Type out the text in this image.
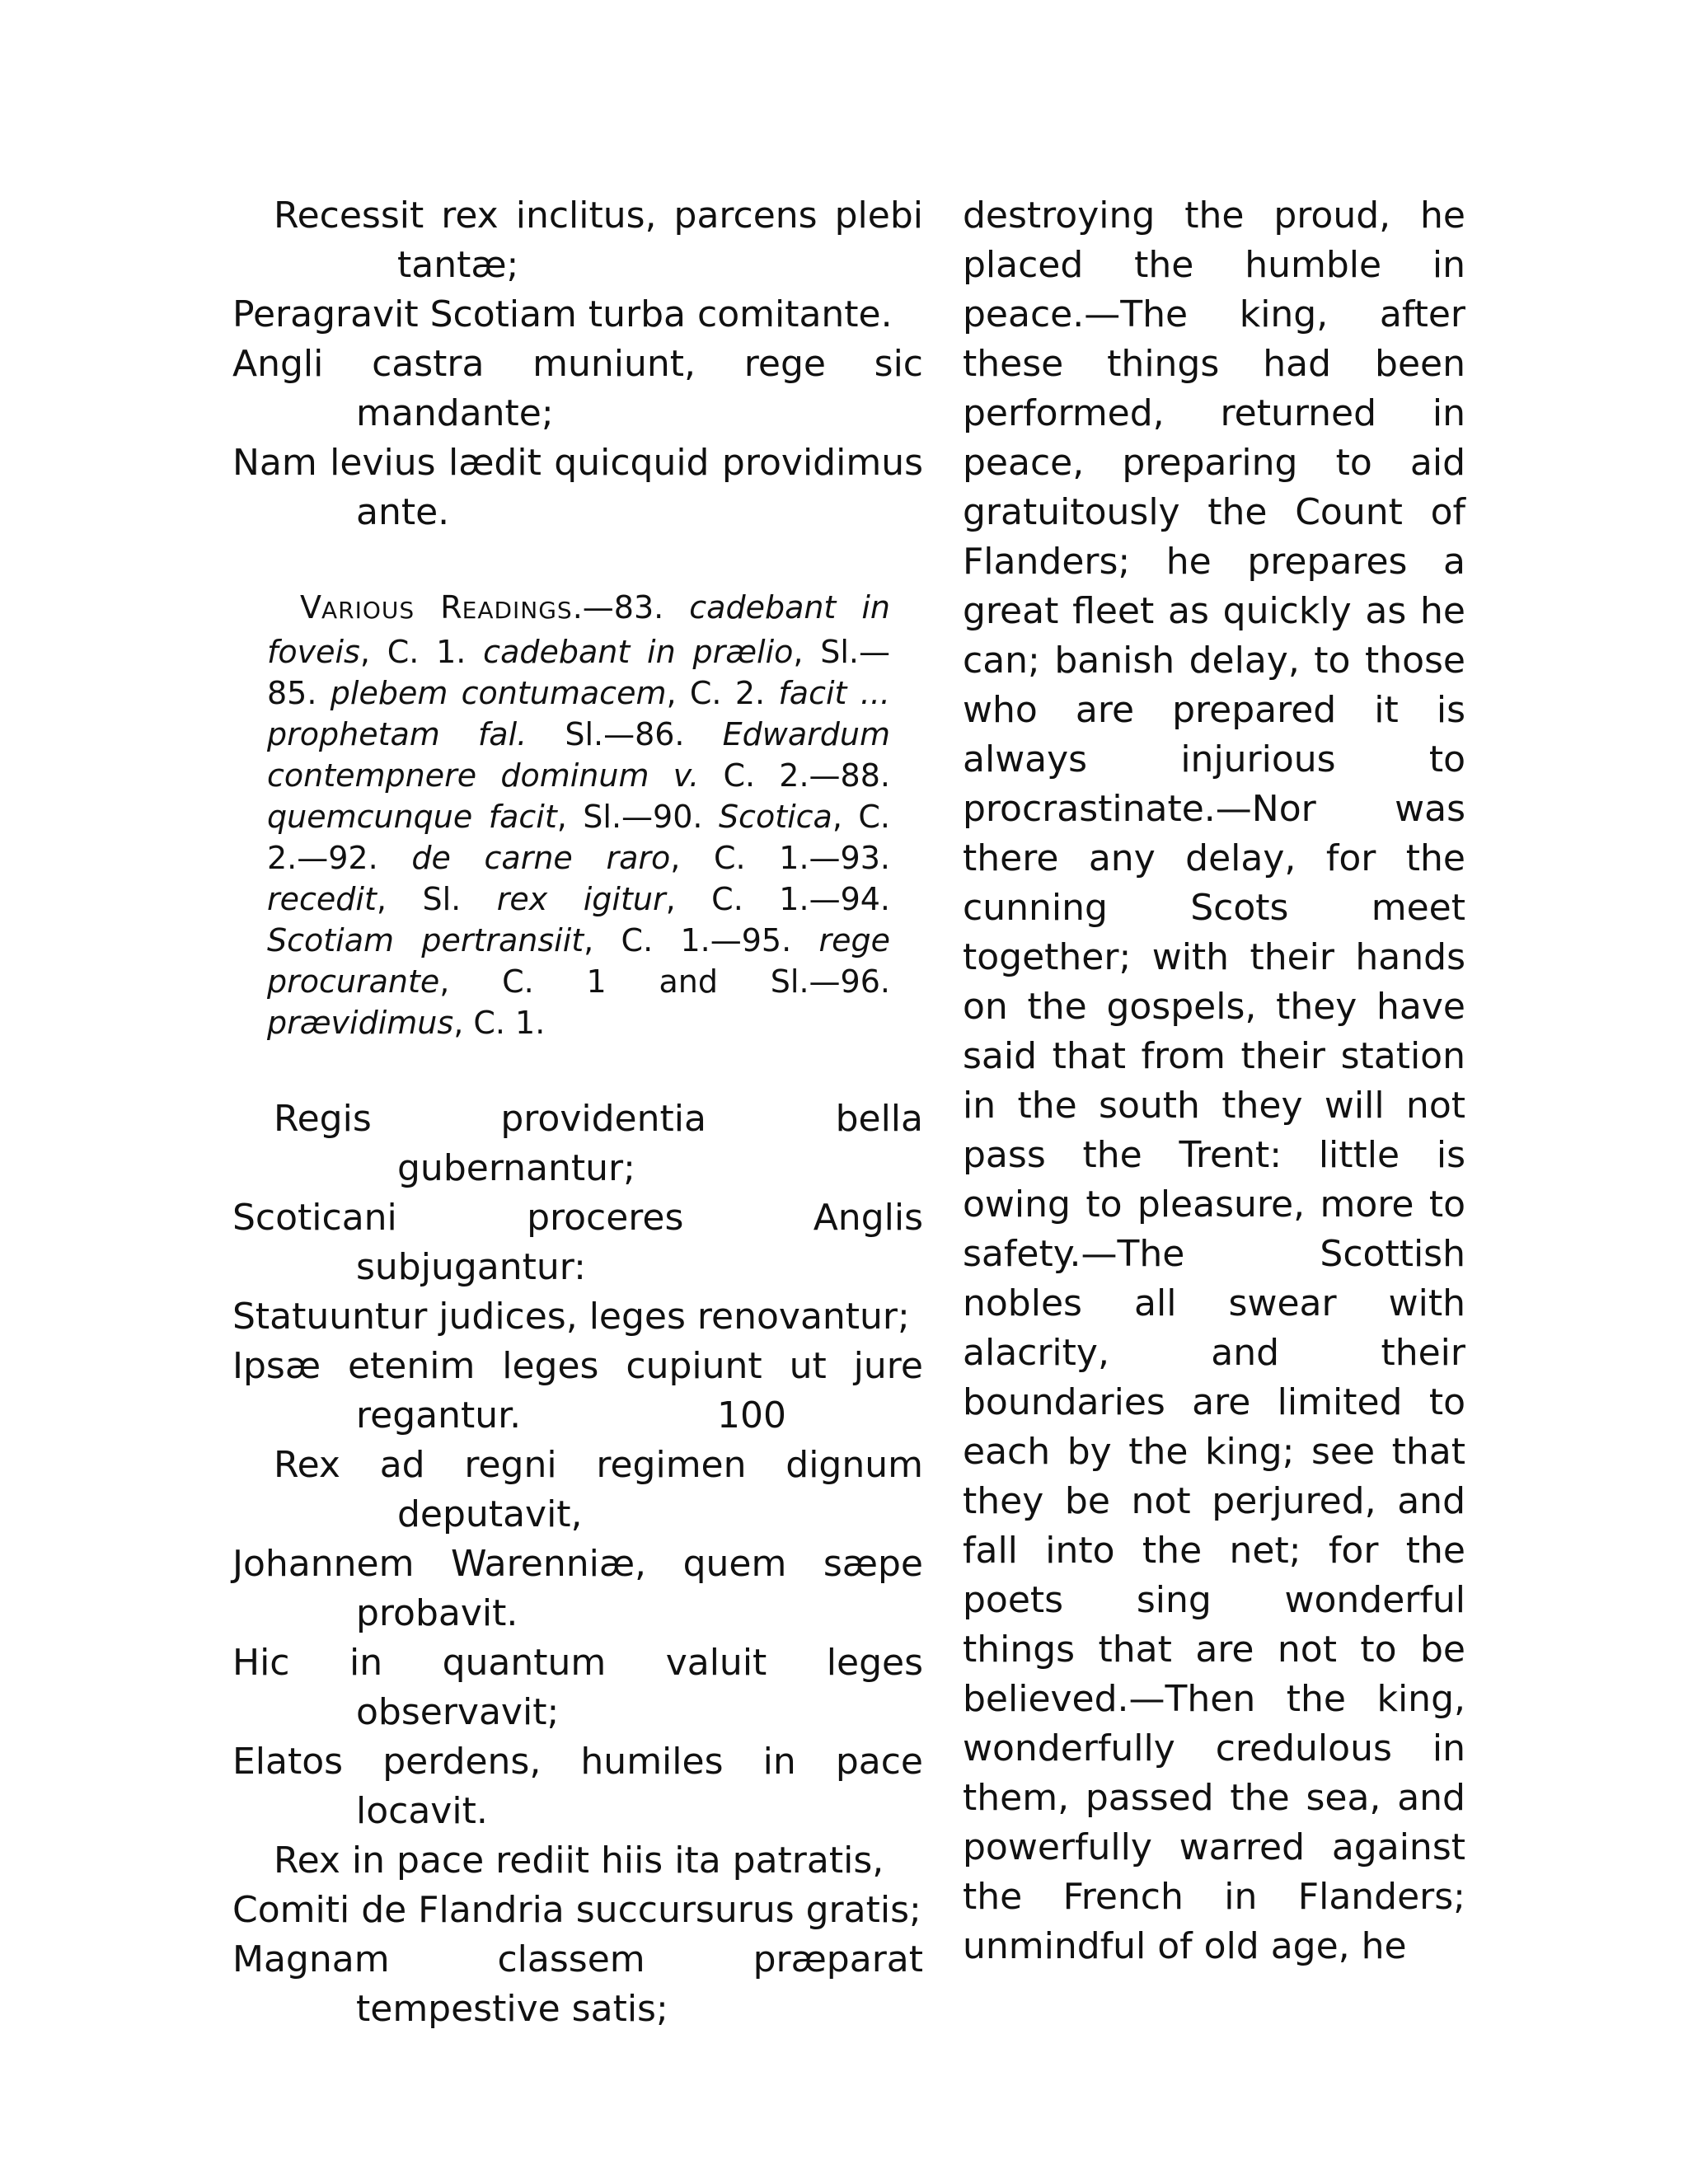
Recessit rex inclitus, parcens plebi tantæ;

Peragravit Scotiam turba comitante.

Angli castra muniunt, rege sic mandante;

Nam levius lædit quicquid providimus ante.

VARIOUS READINGS.—83. cadebant in foveis, C. 1. cadebant in prælio, Sl.—85. plebem contumacem, C. 2. facit ... prophetam fal. Sl.—86. Edwardum contempnere dominum v. C. 2.—88. quemcunque facit, Sl.—90. Scotica, C. 2.—92. de carne raro, C. 1.—93. recedit, Sl. rex igitur, C. 1.—94. Scotiam pertransiit, C. 1.—95. rege procurante, C. 1 and Sl.—96. prævidimus, C. 1.

Regis providentia bella gubernantur;

Scoticani proceres Anglis subjugantur:

Statuuntur judices, leges renovantur;

Ipsæ etenim leges cupiunt ut jure regantur.	100

Rex ad regni regimen dignum deputavit,

Johannem Warenniæ, quem sæpe probavit.

Hic in quantum valuit leges observavit;

Elatos perdens, humiles in pace locavit.

Rex in pace rediit hiis ita patratis,

Comiti de Flandria succursurus gratis;

Magnam classem præparat tempestive satis;

destroying the proud, he placed the humble in peace.—The king, after these things had been performed, returned in peace, preparing to aid gratuitously the Count of Flanders; he prepares a great fleet as quickly as he can; banish delay, to those who are prepared it is always injurious to procrastinate.—Nor was there any delay, for the cunning Scots meet together; with their hands on the gospels, they have said that from their station in the south they will not pass the Trent: little is owing to pleasure, more to safety.—The Scottish nobles all swear with alacrity, and their boundaries are limited to each by the king; see that they be not perjured, and fall into the net; for the poets sing wonderful things that are not to be believed.—Then the king, wonderfully credulous in them, passed the sea, and powerfully warred against the French in Flanders; unmindful of old age, he
